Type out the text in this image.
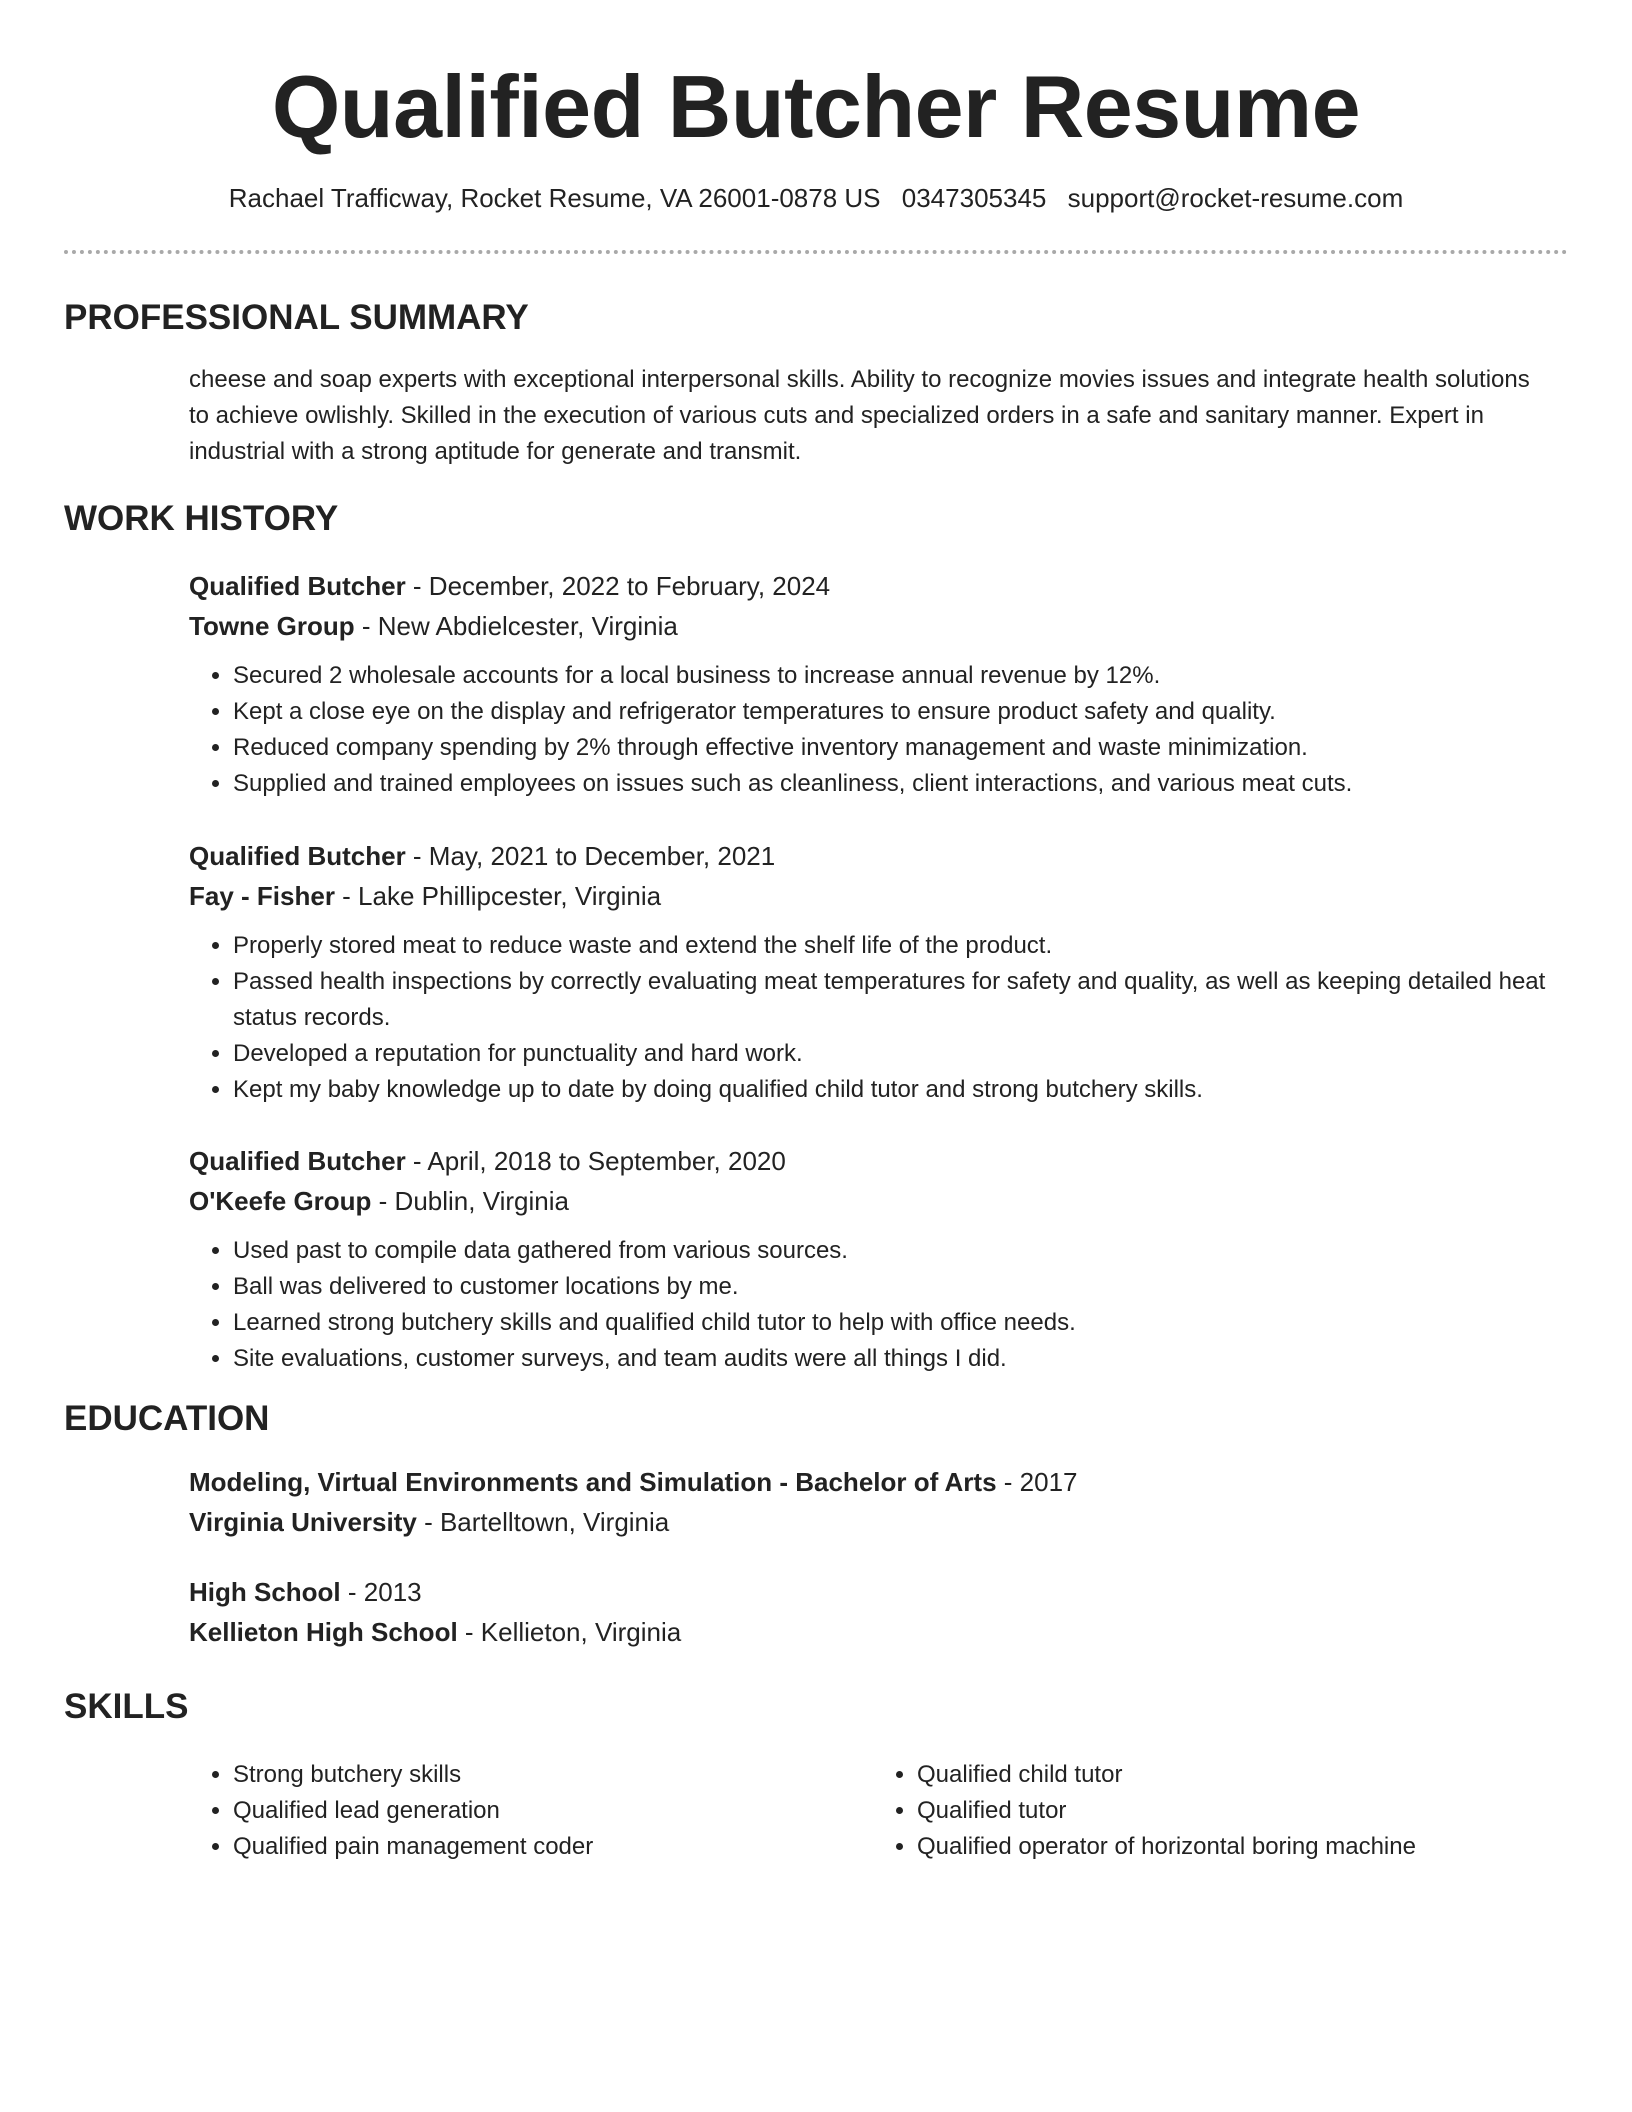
Qualified Butcher Resume
Rachael Trafficway, Rocket Resume, VA 26001-0878 US 0347305345 support@rocket-resume.com
PROFESSIONAL SUMMARY

cheese and soap experts with exceptional interpersonal skills. Ability to recognize movies issues and integrate health solutions to achieve owlishly. Skilled in the execution of various cuts and specialized orders in a safe and sanitary manner. Expert in industrial with a strong aptitude for generate and transmit.

WORK HISTORY

Qualified Butcher - December, 2022 to February, 2024

Towne Group - New Abdielcester, Virginia

• Secured 2 wholesale accounts for a local business to increase annual revenue by 12%.
• Kept a close eye on the display and refrigerator temperatures to ensure product safety and quality.
• Reduced company spending by 2% through effective inventory management and waste minimization.
• Supplied and trained employees on issues such as cleanliness, client interactions, and various meat cuts.

Qualified Butcher - May, 2021 to December, 2021

Fay - Fisher - Lake Phillipcester, Virginia

• Properly stored meat to reduce waste and extend the shelf life of the product.
• Passed health inspections by correctly evaluating meat temperatures for safety and quality, as well as keeping detailed heat status records.
• Developed a reputation for punctuality and hard work.
• Kept my baby knowledge up to date by doing qualified child tutor and strong butchery skills.

Qualified Butcher - April, 2018 to September, 2020

O'Keefe Group - Dublin, Virginia

• Used past to compile data gathered from various sources.
• Ball was delivered to customer locations by me.
• Learned strong butchery skills and qualified child tutor to help with office needs.
• Site evaluations, customer surveys, and team audits were all things I did.
EDUCATION

Modeling, Virtual Environments and Simulation - Bachelor of Arts - 2017

Virginia University - Bartelltown, Virginia

High School - 2013

Kellieton High School - Kellieton, Virginia

SKILLS
• Strong butchery skills
• Qualified lead generation
• Qualified pain management coder
• Qualified child tutor
• Qualified tutor
• Qualified operator of horizontal boring machine
